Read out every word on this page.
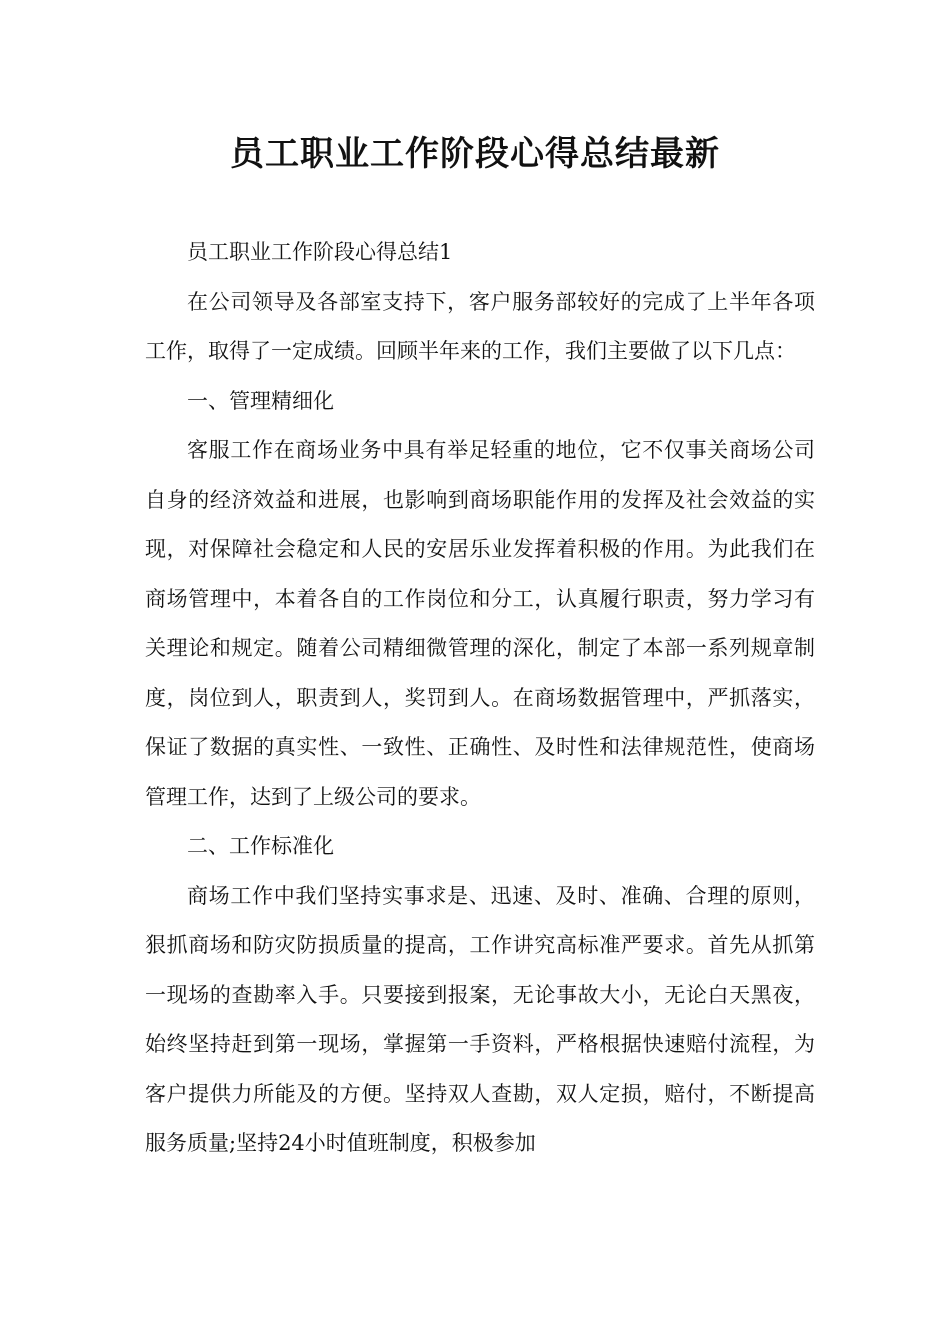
员工职业工作阶段心得总结最新

员工职业工作阶段心得总结1

在公司领导及各部室支持下，客户服务部较好的完成了上半年各项工作，取得了一定成绩。回顾半年来的工作，我们主要做了以下几点：

一、管理精细化

客服工作在商场业务中具有举足轻重的地位，它不仅事关商场公司自身的经济效益和进展，也影响到商场职能作用的发挥及社会效益的实现，对保障社会稳定和人民的安居乐业发挥着积极的作用。为此我们在商场管理中，本着各自的工作岗位和分工，认真履行职责，努力学习有关理论和规定。随着公司精细微管理的深化，制定了本部一系列规章制度，岗位到人，职责到人，奖罚到人。在商场数据管理中，严抓落实，保证了数据的真实性、一致性、正确性、及时性和法律规范性，使商场管理工作，达到了上级公司的要求。

二、工作标准化

商场工作中我们坚持实事求是、迅速、及时、准确、合理的原则，狠抓商场和防灾防损质量的提高，工作讲究高标准严要求。首先从抓第一现场的查勘率入手。只要接到报案，无论事故大小，无论白天黑夜，始终坚持赶到第一现场，掌握第一手资料，严格根据快速赔付流程，为客户提供力所能及的方便。坚持双人查勘，双人定损，赔付，不断提高服务质量;坚持24小时值班制度，积极参加
